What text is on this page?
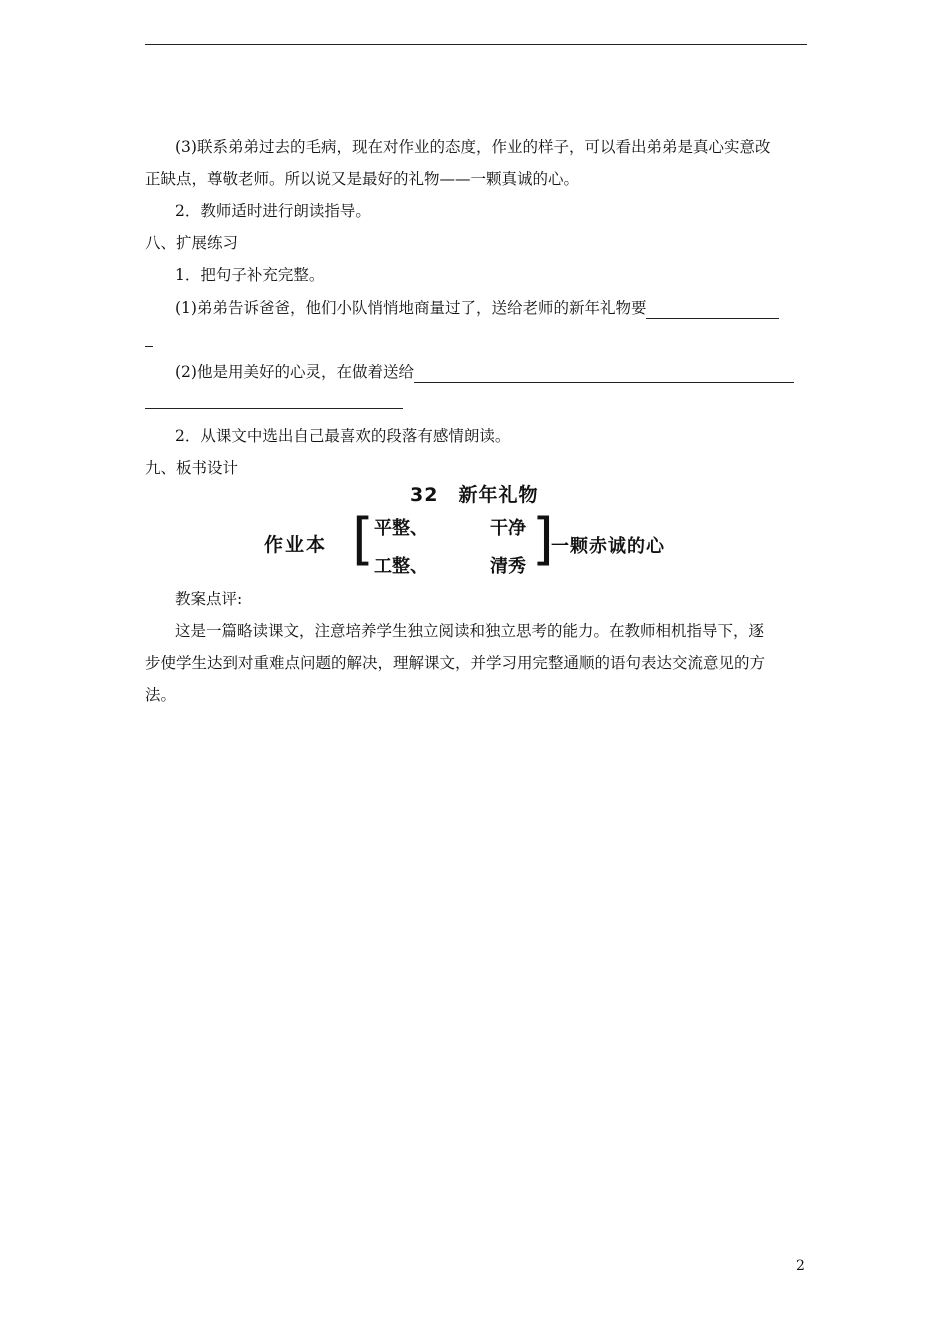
(3)联系弟弟过去的毛病，现在对作业的态度，作业的样子，可以看出弟弟是真心实意改
正缺点，尊敬老师。所以说又是最好的礼物——一颗真诚的心。
2．教师适时进行朗读指导。
八、扩展练习
1．把句子补充完整。
(1)弟弟告诉爸爸，他们小队悄悄地商量过了，送给老师的新年礼物要
(2)他是用美好的心灵，在做着送给
2．从课文中选出自己最喜欢的段落有感情朗读。
九、板书设计
32　新年礼物
作业本 [ 平整、	干净
工整、	清秀 ]
一颗赤诚的心
教案点评:
这是一篇略读课文，注意培养学生独立阅读和独立思考的能力。在教师相机指导下，逐
步使学生达到对重难点问题的解决，理解课文，并学习用完整通顺的语句表达交流意见的方
法。
2
